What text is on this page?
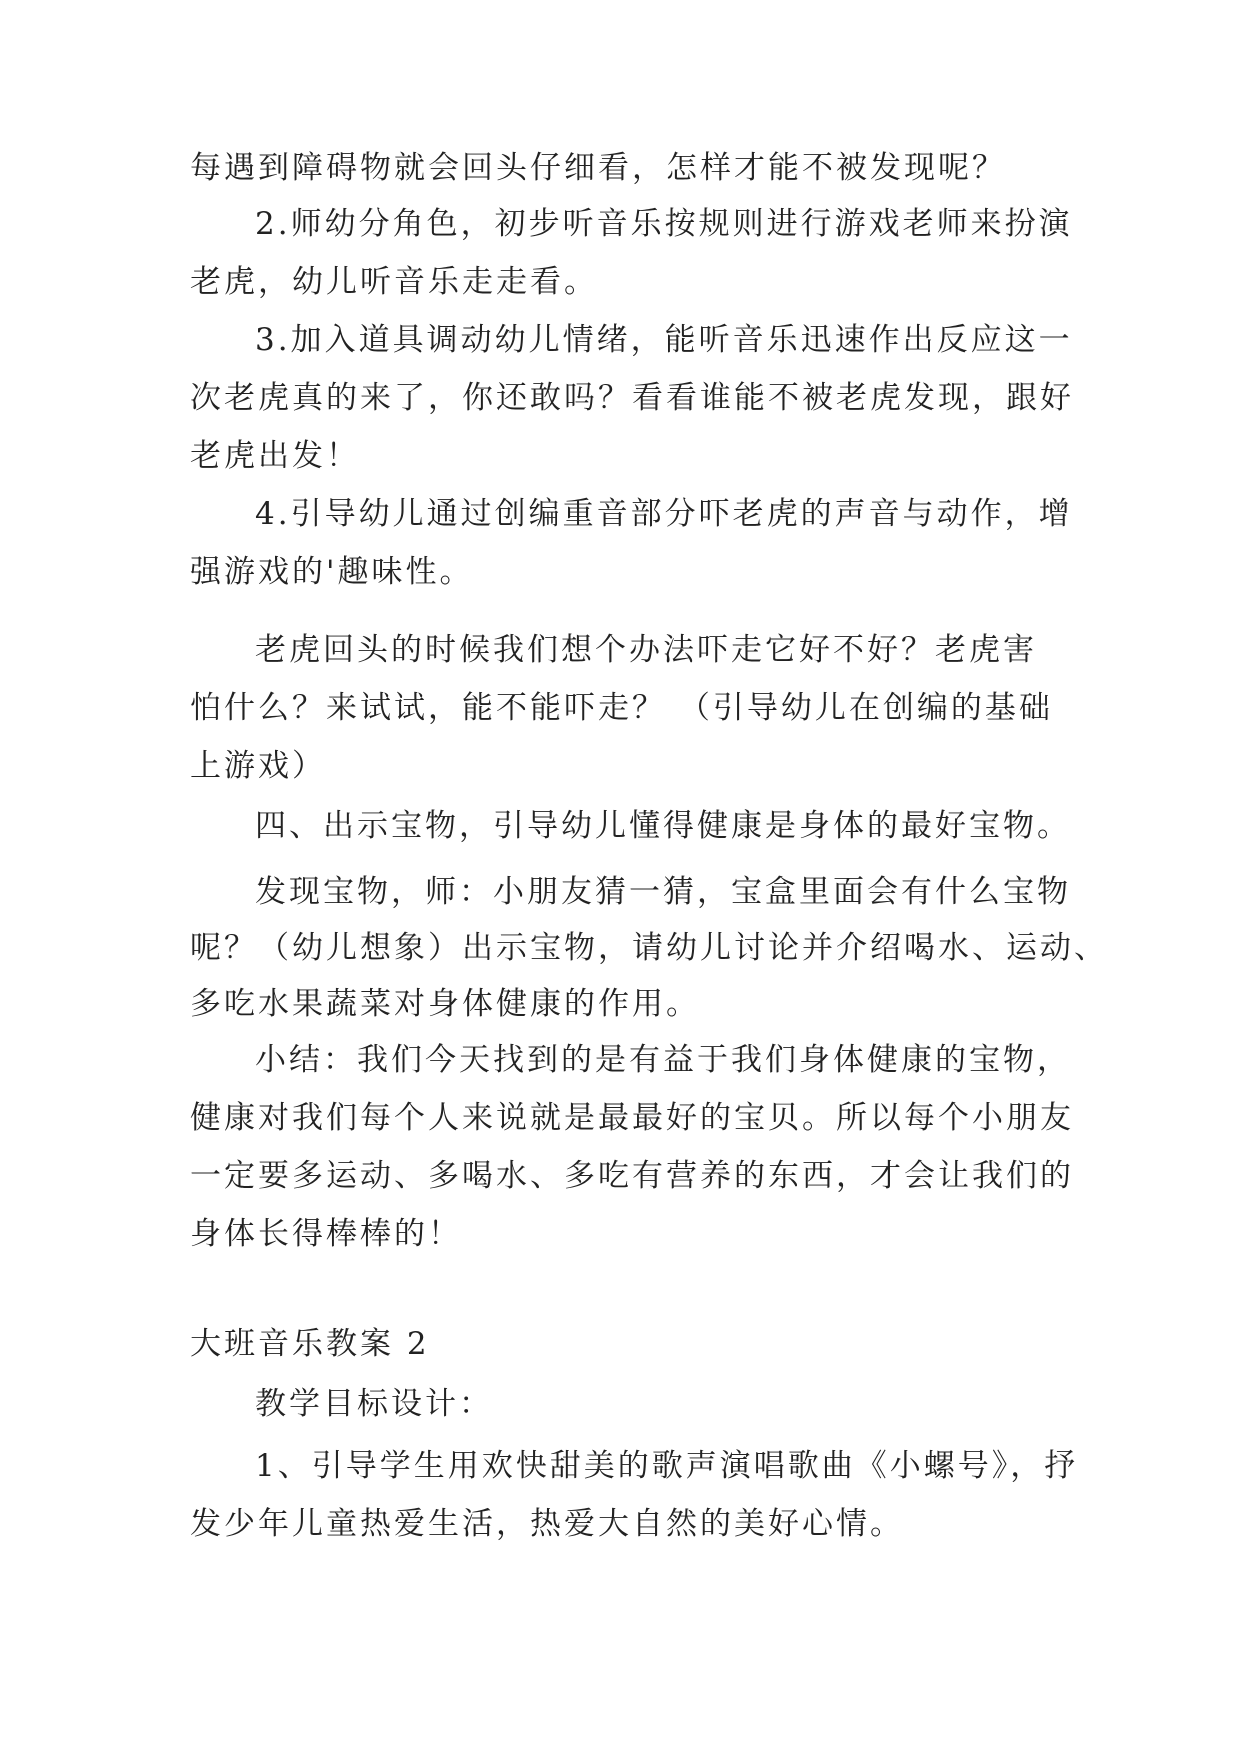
每遇到障碍物就会回头仔细看，怎样才能不被发现呢？
2.师幼分角色，初步听音乐按规则进行游戏老师来扮演
老虎，幼儿听音乐走走看。
3.加入道具调动幼儿情绪，能听音乐迅速作出反应这一
次老虎真的来了，你还敢吗？看看谁能不被老虎发现，跟好
老虎出发！
4.引导幼儿通过创编重音部分吓老虎的声音与动作，增
强游戏的'趣味性。
老虎回头的时候我们想个办法吓走它好不好？老虎害
怕什么？来试试，能不能吓走？ （引导幼儿在创编的基础
上游戏）
四、出示宝物，引导幼儿懂得健康是身体的最好宝物。
发现宝物，师：小朋友猜一猜，宝盒里面会有什么宝物
呢？（幼儿想象）出示宝物，请幼儿讨论并介绍喝水、运动、
多吃水果蔬菜对身体健康的作用。
小结：我们今天找到的是有益于我们身体健康的宝物，
健康对我们每个人来说就是最最好的宝贝。所以每个小朋友
一定要多运动、多喝水、多吃有营养的东西，才会让我们的
身体长得棒棒的！
大班音乐教案 2
教学目标设计：
1、引导学生用欢快甜美的歌声演唱歌曲《小螺号》，抒
发少年儿童热爱生活，热爱大自然的美好心情。
